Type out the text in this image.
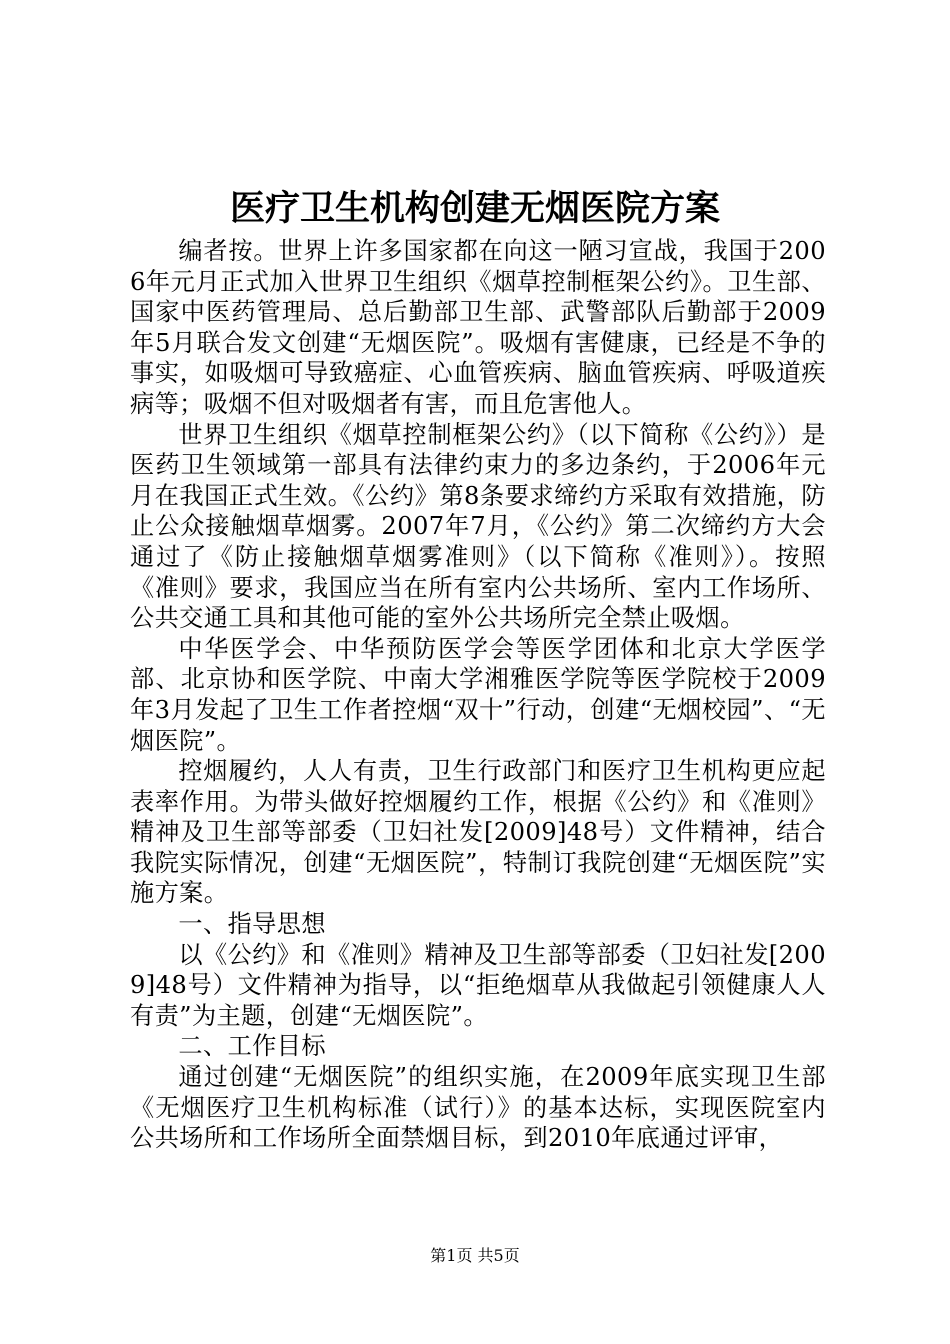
医疗卫生机构创建无烟医院方案

编者按。世界上许多国家都在向这一陋习宣战，我国于2006年元月正式加入世界卫生组织《烟草控制框架公约》。卫生部、国家中医药管理局、总后勤部卫生部、武警部队后勤部于2009年5月联合发文创建“无烟医院”。吸烟有害健康，已经是不争的事实，如吸烟可导致癌症、心血管疾病、脑血管疾病、呼吸道疾病等；吸烟不但对吸烟者有害，而且危害他人。

世界卫生组织《烟草控制框架公约》（以下简称《公约》）是医药卫生领域第一部具有法律约束力的多边条约，于2006年元月在我国正式生效。《公约》第8条要求缔约方采取有效措施，防止公众接触烟草烟雾。2007年7月，《公约》第二次缔约方大会通过了《防止接触烟草烟雾准则》（以下简称《准则》）。按照《准则》要求，我国应当在所有室内公共场所、室内工作场所、公共交通工具和其他可能的室外公共场所完全禁止吸烟。

中华医学会、中华预防医学会等医学团体和北京大学医学部、北京协和医学院、中南大学湘雅医学院等医学院校于2009年3月发起了卫生工作者控烟“双十”行动，创建“无烟校园”、“无烟医院”。

控烟履约，人人有责，卫生行政部门和医疗卫生机构更应起表率作用。为带头做好控烟履约工作，根据《公约》和《准则》精神及卫生部等部委（卫妇社发[2009]48号）文件精神，结合我院实际情况，创建“无烟医院”，特制订我院创建“无烟医院”实施方案。

一、指导思想

以《公约》和《准则》精神及卫生部等部委（卫妇社发[2009]48号）文件精神为指导，以“拒绝烟草从我做起引领健康人人有责”为主题，创建“无烟医院”。

二、工作目标

通过创建“无烟医院”的组织实施，在2009年底实现卫生部《无烟医疗卫生机构标准（试行）》的基本达标，实现医院室内公共场所和工作场所全面禁烟目标，到2010年底通过评审，

第1页 共5页
